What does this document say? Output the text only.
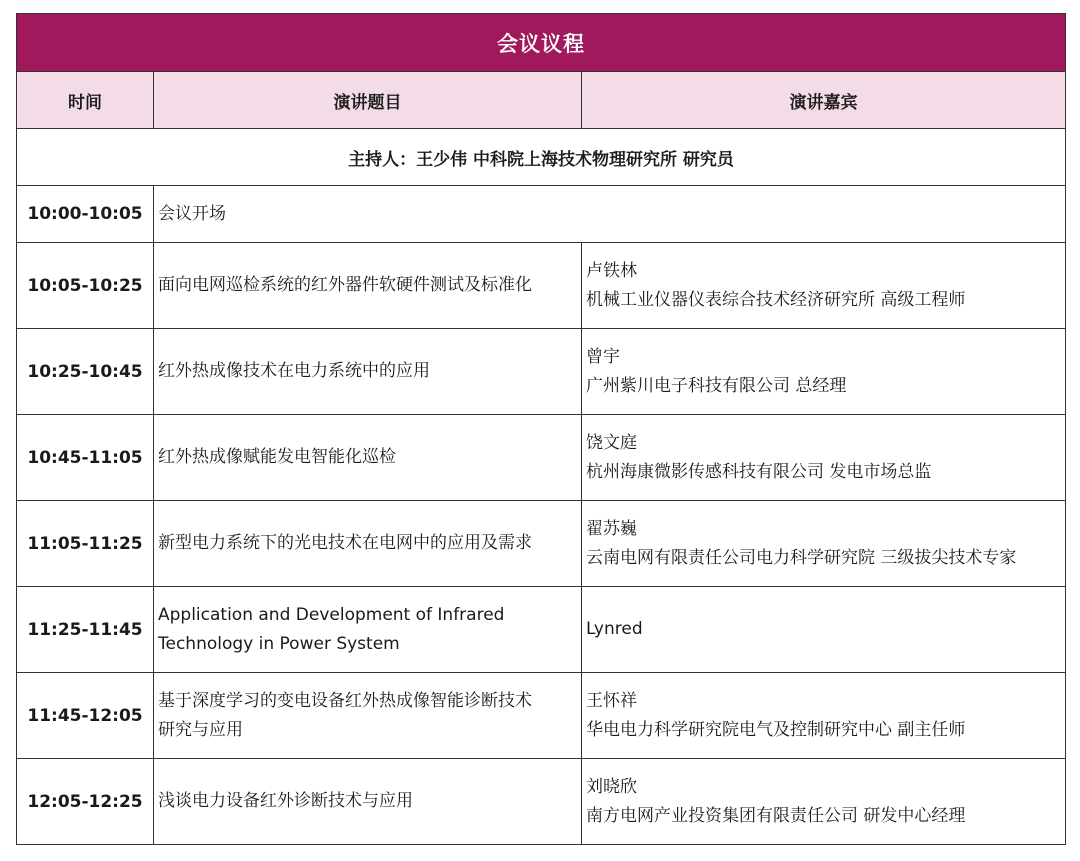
会议议程		
时间	演讲题目	演讲嘉宾
主持人：王少伟 中科院上海技术物理研究所 研究员		
10:00-10:05	会议开场	

10:05-10:25	面向电网巡检系统的红外器件软硬件测试及标准化	卢铁林
机械工业仪器仪表综合技术经济研究所 高级工程师

10:25-10:45	红外热成像技术在电力系统中的应用	曾宇
广州紫川电子科技有限公司 总经理

10:45-11:05	红外热成像赋能发电智能化巡检	饶文庭
杭州海康微影传感科技有限公司 发电市场总监

11:05-11:25	新型电力系统下的光电技术在电网中的应用及需求	翟苏巍
云南电网有限责任公司电力科学研究院 三级拔尖技术专家

11:25-11:45	Application and Development of Infrared
Technology in Power System	Lynred

11:45-12:05	基于深度学习的变电设备红外热成像智能诊断技术
研究与应用	王怀祥
华电电力科学研究院电气及控制研究中心 副主任师

12:05-12:25	浅谈电力设备红外诊断技术与应用	刘晓欣
南方电网产业投资集团有限责任公司 研发中心经理
